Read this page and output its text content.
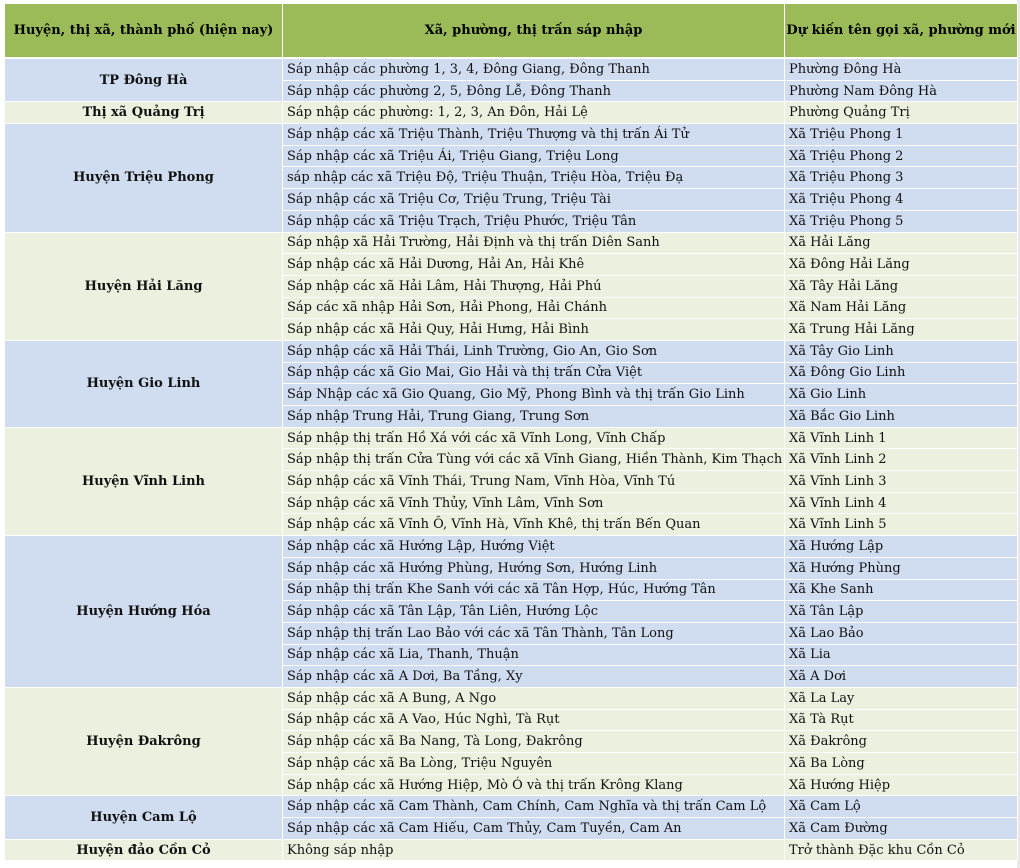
Huyện, thị xã, thành phố (hiện nay)	Xã, phường, thị trấn sáp nhập	Dự kiến tên gọi xã, phường mới
TP Đông Hà	Sáp nhập các phường 1, 3, 4, Đông Giang, Đông Thanh	Phường Đông Hà
	Sáp nhập các phường 2, 5, Đông Lễ, Đông Thanh	Phường Nam Đông Hà
Thị xã Quảng Trị	Sáp nhập các phường: 1, 2, 3, An Đôn, Hải Lệ	Phường Quảng Trị
Huyện Triệu Phong	Sáp nhập các xã Triệu Thành, Triệu Thượng và thị trấn Ái Tử	Xã Triệu Phong 1
	Sáp nhập các xã Triệu Ái, Triệu Giang, Triệu Long	Xã Triệu Phong 2
	sáp nhập các xã Triệu Độ, Triệu Thuận, Triệu Hòa, Triệu Đạ	Xã Triệu Phong 3
	Sáp nhập các xã Triệu Cơ, Triệu Trung, Triệu Tài	Xã Triệu Phong 4
	Sáp nhập các xã Triệu Trạch, Triệu Phước, Triệu Tân	Xã Triệu Phong 5
Huyện Hải Lăng	Sáp nhập xã Hải Trường, Hải Định và thị trấn Diên Sanh	Xã Hải Lăng
	Sáp nhập các xã Hải Dương, Hải An, Hải Khê	Xã Đông Hải Lăng
	Sáp nhập các xã Hải Lâm, Hải Thượng, Hải Phú	Xã Tây Hải Lăng
	Sáp các xã nhập Hải Sơn, Hải Phong, Hải Chánh	Xã Nam Hải Lăng
	Sáp nhập các xã Hải Quy, Hải Hưng, Hải Bình	Xã Trung Hải Lăng
Huyện Gio Linh	Sáp nhập các xã Hải Thái, Linh Trường, Gio An, Gio Sơn	Xã Tây Gio Linh
	Sáp nhập các xã Gio Mai, Gio Hải và thị trấn Cửa Việt	Xã Đông Gio Linh
	Sáp Nhập các xã Gio Quang, Gio Mỹ, Phong Bình và thị trấn Gio Linh	Xã Gio Linh
	Sáp nhập Trung Hải, Trung Giang, Trung Sơn	Xã Bắc Gio Linh
Huyện Vĩnh Linh	Sáp nhập thị trấn Hồ Xá với các xã Vĩnh Long, Vĩnh Chấp	Xã Vĩnh Linh 1
	Sáp nhập thị trấn Cửa Tùng với các xã Vĩnh Giang, Hiền Thành, Kim Thạch	Xã Vĩnh Linh 2
	Sáp nhập các xã Vĩnh Thái, Trung Nam, Vĩnh Hòa, Vĩnh Tú	Xã Vĩnh Linh 3
	Sáp nhập các xã Vĩnh Thủy, Vĩnh Lâm, Vĩnh Sơn	Xã Vĩnh Linh 4
	Sáp nhập các xã Vĩnh Ô, Vĩnh Hà, Vĩnh Khê, thị trấn Bến Quan	Xã Vĩnh Linh 5
Huyện Hướng Hóa	Sáp nhập các xã Hướng Lập, Hướng Việt	Xã Hướng Lập
	Sáp nhập các xã Hướng Phùng, Hướng Sơn, Hướng Linh	Xã Hướng Phùng
	Sáp nhập thị trấn Khe Sanh với các xã Tân Hợp, Húc, Hướng Tân	Xã Khe Sanh
	Sáp nhập các xã Tân Lập, Tân Liên, Hướng Lộc	Xã Tân Lập
	Sáp nhập thị trấn Lao Bảo với các xã Tân Thành, Tân Long	Xã Lao Bảo
	Sáp nhập các xã Lia, Thanh, Thuận	Xã Lia
	Sáp nhập các xã A Dơi, Ba Tầng, Xy	Xã A Dơi
Huyện Đakrông	Sáp nhập các xã A Bung, A Ngo	Xã La Lay
	Sáp nhập các xã A Vao, Húc Nghì, Tà Rụt	Xã Tà Rụt
	Sáp nhập các xã Ba Nang, Tà Long, Đakrông	Xã Đakrông
	Sáp nhập các xã Ba Lòng, Triệu Nguyên	Xã Ba Lòng
	Sáp nhập các xã Hướng Hiệp, Mò Ó và thị trấn Krông Klang	Xã Hướng Hiệp
Huyện Cam Lộ	Sáp nhập các xã Cam Thành, Cam Chính, Cam Nghĩa và thị trấn Cam Lộ	Xã Cam Lộ
	Sáp nhập các xã Cam Hiếu, Cam Thủy, Cam Tuyền, Cam An	Xã Cam Đường
Huyện đảo Cồn Cỏ	Không sáp nhập	Trở thành Đặc khu Cồn Cỏ
